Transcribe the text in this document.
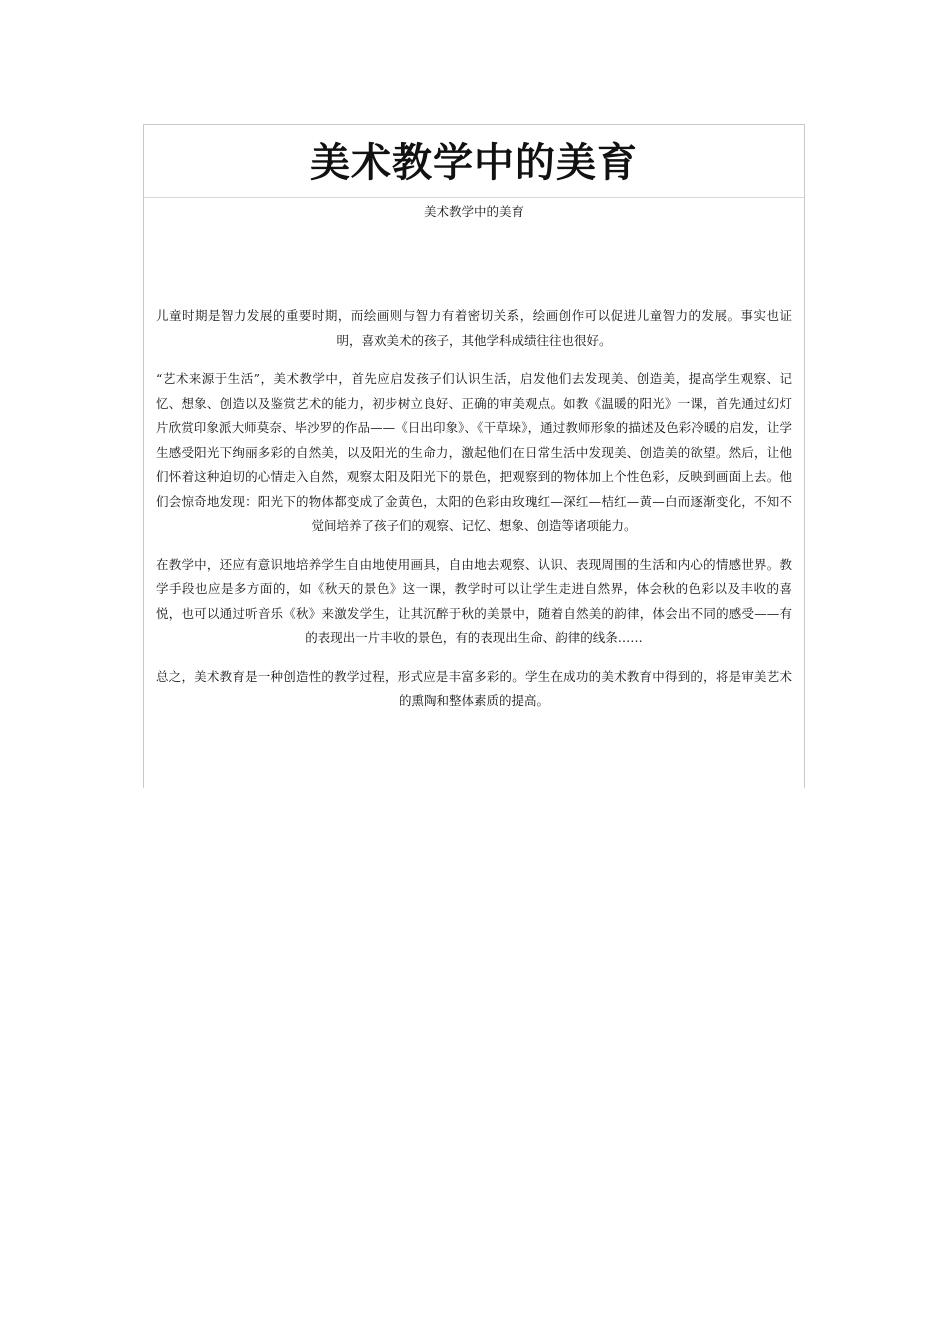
美术教学中的美育
美术教学中的美育

儿童时期是智力发展的重要时期，而绘画则与智力有着密切关系，绘画创作可以促进儿童智力的发展。事实也证明，喜欢美术的孩子，其他学科成绩往往也很好。

“艺术来源于生活”，美术教学中，首先应启发孩子们认识生活，启发他们去发现美、创造美，提高学生观察、记忆、想象、创造以及鉴赏艺术的能力，初步树立良好、正确的审美观点。如教《温暖的阳光》一课，首先通过幻灯片欣赏印象派大师莫奈、毕沙罗的作品——《日出印象》、《干草垛》，通过教师形象的描述及色彩冷暖的启发，让学生感受阳光下绚丽多彩的自然美，以及阳光的生命力，激起他们在日常生活中发现美、创造美的欲望。然后，让他们怀着这种迫切的心情走入自然，观察太阳及阳光下的景色，把观察到的物体加上个性色彩，反映到画面上去。他们会惊奇地发现：阳光下的物体都变成了金黄色，太阳的色彩由玫瑰红—深红—桔红—黄—白而逐渐变化，不知不觉间培养了孩子们的观察、记忆、想象、创造等诸项能力。

在教学中，还应有意识地培养学生自由地使用画具，自由地去观察、认识、表现周围的生活和内心的情感世界。教学手段也应是多方面的，如《秋天的景色》这一课，教学时可以让学生走进自然界，体会秋的色彩以及丰收的喜悦，也可以通过听音乐《秋》来激发学生，让其沉醉于秋的美景中，随着自然美的韵律，体会出不同的感受——有的表现出一片丰收的景色，有的表现出生命、韵律的线条……

总之，美术教育是一种创造性的教学过程，形式应是丰富多彩的。学生在成功的美术教育中得到的，将是审美艺术的熏陶和整体素质的提高。
